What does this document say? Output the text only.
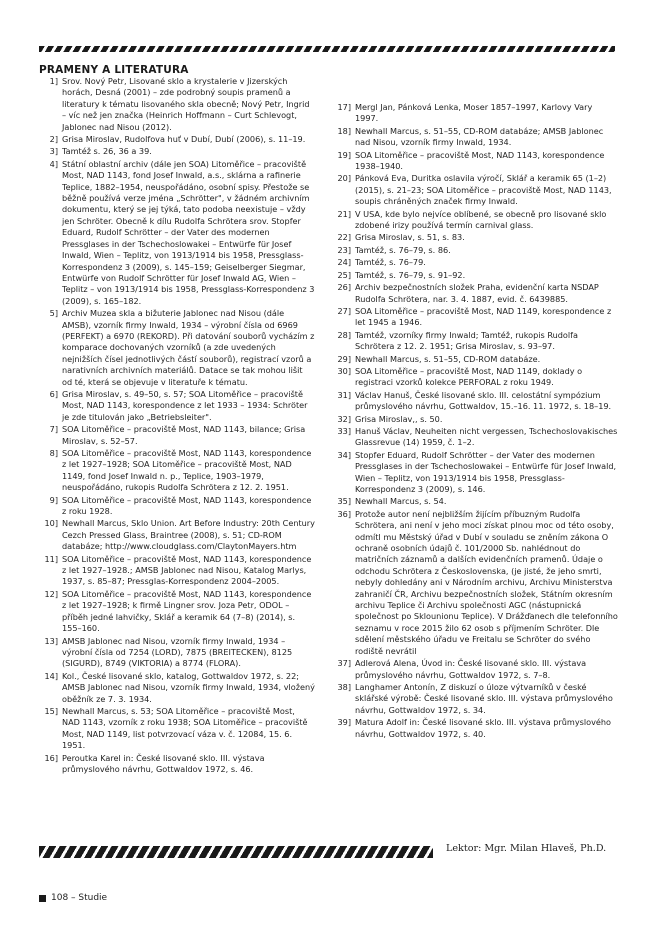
PRAMENY A LITERATURA
1] Srov. Nový Petr, Lisované sklo a krystalerie v Jizerských horách, Desná (2001) – zde podrobný soupis pramenů a literatury k tématu lisovaného skla obecně; Nový Petr, Ingrid – víc než jen značka (Heinrich Hoffmann – Curt Schlevogt, Jablonec nad Nisou (2012).
2] Grisa Miroslav, Rudolfova huť v Dubí, Dubí (2006), s. 11–19.
3] Tamtéž s. 26, 36 a 39.
4] Státní oblastní archiv (dále jen SOA) Litoměřice – pracoviště Most, NAD 1143, fond Josef Inwald, a.s., sklárna a rafinerie Teplice, 1882–1954, neuspořádáno, osobní spisy. Přestože se běžně používá verze jména „Schrötter", v žádném archivním dokumentu, který se jej týká, tato podoba neexistuje – vždy jen Schröter. Obecně k dílu Rudolfa Schrötera srov. Stopfer Eduard, Rudolf Schrötter – der Vater des modernen Pressglases in der Tschechoslowakei – Entwürfe für Josef Inwald, Wien – Teplitz, von 1913/1914 bis 1958, Pressglass-Korrespondenz 3 (2009), s. 145–159; Geiselberger Siegmar, Entwürfe von Rudolf Schrötter für Josef Inwald AG, Wien – Teplitz – von 1913/1914 bis 1958, Pressglass-Korrespondenz 3 (2009), s. 165–182.
5] Archiv Muzea skla a bižuterie Jablonec nad Nisou (dále AMSB), vzorník firmy Inwald, 1934 – výrobní čísla od 6969 (PERFEKT) a 6970 (REKORD). Při datování souborů vycházím z komparace dochovaných vzorníků (a zde uvedených nejnižších čísel jednotlivých částí souborů), registrací vzorů a narativních archivních materiálů. Datace se tak mohou lišit od té, která se objevuje v literatuře k tématu.
6] Grisa Miroslav, s. 49–50, s. 57; SOA Litoměřice – pracoviště Most, NAD 1143, korespondence z let 1933 – 1934: Schröter je zde titulován jako „Betriebsleiter".
7] SOA Litoměřice – pracoviště Most, NAD 1143, bilance; Grisa Miroslav, s. 52–57.
8] SOA Litoměřice – pracoviště Most, NAD 1143, korespondence z let 1927–1928; SOA Litoměřice – pracoviště Most, NAD 1149, fond Josef Inwald n. p., Teplice, 1903–1979, neuspořádáno, rukopis Rudolfa Schrötera z 12. 2. 1951.
9] SOA Litoměřice – pracoviště Most, NAD 1143, korespondence z roku 1928.
10] Newhall Marcus, Sklo Union. Art Before Industry: 20th Century Cezch Pressed Glass, Braintree (2008), s. 51; CD-ROM databáze; http://www.cloudglass.com/ClaytonMayers.htm
11] SOA Litoměřice – pracoviště Most, NAD 1143, korespondence z let 1927–1928.; AMSB Jablonec nad Nisou, Katalog Marlys, 1937, s. 85–87; Pressglas-Korrespondenz 2004–2005.
12] SOA Litoměřice – pracoviště Most, NAD 1143, korespondence z let 1927–1928; k firmě Lingner srov. Joza Petr, ODOL – příběh jedné lahvičky, Sklář a keramik 64 (7–8) (2014), s. 155–160.
13] AMSB Jablonec nad Nisou, vzorník firmy Inwald, 1934 – výrobní čísla od 7254 (LORD), 7875 (BREITECKEN), 8125 (SIGURD), 8749 (VIKTORIA) a 8774 (FLORA).
14] Kol., České lisované sklo, katalog, Gottwaldov 1972, s. 22; AMSB Jablonec nad Nisou, vzorník firmy Inwald, 1934, vložený oběžník ze 7. 3. 1934.
15] Newhall Marcus, s. 53; SOA Litoměřice – pracoviště Most, NAD 1143, vzorník z roku 1938; SOA Litoměřice – pracoviště Most, NAD 1149, list potvrzovací váza v. č. 12084, 15. 6. 1951.
16] Peroutka Karel in: České lisované sklo. III. výstava průmyslového návrhu, Gottwaldov 1972, s. 46.
17] Mergl Jan, Pánková Lenka, Moser 1857–1997, Karlovy Vary 1997.
18] Newhall Marcus, s. 51–55, CD-ROM databáze; AMSB Jablonec nad Nisou, vzorník firmy Inwald, 1934.
19] SOA Litoměřice – pracoviště Most, NAD 1143, korespondence 1938–1940.
20] Pánková Eva, Duritka oslavila výročí, Sklář a keramik 65 (1–2) (2015), s. 21–23; SOA Litoměřice – pracoviště Most, NAD 1143, soupis chráněných značek firmy Inwald.
21] V USA, kde bylo nejvíce oblíbené, se obecně pro lisované sklo zdobené irizy používá termín carnival glass.
22] Grisa Miroslav, s. 51, s. 83.
23] Tamtéž, s. 76–79, s. 86.
24] Tamtéž, s. 76–79.
25] Tamtéž, s. 76–79, s. 91–92.
26] Archiv bezpečnostních složek Praha, evidenční karta NSDAP Rudolfa Schrötera, nar. 3. 4. 1887, evid. č. 6439885.
27] SOA Litoměřice – pracoviště Most, NAD 1149, korespondence z let 1945 a 1946.
28] Tamtéž, vzorníky firmy Inwald; Tamtéž, rukopis Rudolfa Schrötera z 12. 2. 1951; Grisa Miroslav, s. 93–97.
29] Newhall Marcus, s. 51–55, CD-ROM databáze.
30] SOA Litoměřice – pracoviště Most, NAD 1149, doklady o registraci vzorků kolekce PERFORAL z roku 1949.
31] Václav Hanuš, České lisované sklo. III. celostátní sympózium průmyslového návrhu, Gottwaldov, 15.–16. 11. 1972, s. 18–19.
32] Grisa Miroslav,, s. 50.
33] Hanuš Václav, Neuheiten nicht vergessen, Tschechoslovakisches Glassrevue (14) 1959, č. 1–2.
34] Stopfer Eduard, Rudolf Schrötter – der Vater des modernen Pressglases in der Tschechoslowakei – Entwürfe für Josef Inwald, Wien – Teplitz, von 1913/1914 bis 1958, Pressglass-Korrespondenz 3 (2009), s. 146.
35] Newhall Marcus, s. 54.
36] Protože autor není nejbližším žijícím příbuzným Rudolfa Schrötera, ani není v jeho moci získat plnou moc od této osoby, odmítl mu Městský úřad v Dubí v souladu se zněním zákona O ochraně osobních údajů č. 101/2000 Sb. nahlédnout do matričních záznamů a dalších evidenčních pramenů. Údaje o odchodu Schrötera z Československa, (je jisté, že jeho smrti, nebyly dohledány ani v Národním archivu, Archivu Ministerstva zahraničí ČR, Archivu bezpečnostních složek, Státním okresním archivu Teplice či Archivu společnosti AGC (nástupnická společnost po Sklounionu Teplice). V Drážďanech dle telefonního seznamu v roce 2015 žilo 62 osob s příjmením Schröter. Dle sdělení městského úřadu ve Freitalu se Schröter do svého rodiště nevrátil
37] Adlerová Alena, Úvod in: České lisované sklo. III. výstava průmyslového návrhu, Gottwaldov 1972, s. 7–8.
38] Langhamer Antonín, Z diskuzí o úloze výtvarníků v české sklářské výrobě: České lisované sklo. III. výstava průmyslového návrhu, Gottwaldov 1972, s. 34.
39] Matura Adolf in: České lisované sklo. III. výstava průmyslového návrhu, Gottwaldov 1972, s. 40.
Lektor: Mgr. Milan Hlaveš, Ph.D.
108 – Studie
